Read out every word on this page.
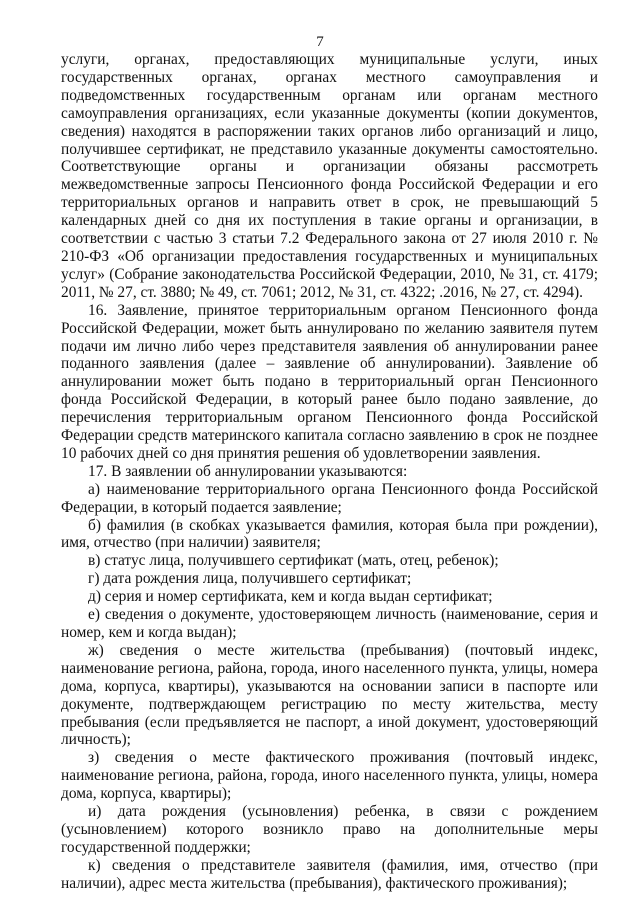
7

услуги, органах, предоставляющих муниципальные услуги, иных государственных органах, органах местного самоуправления и подведомственных государственным органам или органам местного самоуправления организациях, если указанные документы (копии документов, сведения) находятся в распоряжении таких органов либо организаций и лицо, получившее сертификат, не представило указанные документы самостоятельно. Соответствующие органы и организации обязаны рассмотреть межведомственные запросы Пенсионного фонда Российской Федерации и его территориальных органов и направить ответ в срок, не превышающий 5 календарных дней со дня их поступления в такие органы и организации, в соответствии с частью 3 статьи 7.2 Федерального закона от 27 июля 2010 г. № 210-ФЗ «Об организации предоставления государственных и муниципальных услуг» (Собрание законодательства Российской Федерации, 2010, № 31, ст. 4179; 2011, № 27, ст. 3880; № 49, ст. 7061; 2012, № 31, ст. 4322; .2016, № 27, ст. 4294).

16. Заявление, принятое территориальным органом Пенсионного фонда Российской Федерации, может быть аннулировано по желанию заявителя путем подачи им лично либо через представителя заявления об аннулировании ранее поданного заявления (далее – заявление об аннулировании). Заявление об аннулировании может быть подано в территориальный орган Пенсионного фонда Российской Федерации, в который ранее было подано заявление, до перечисления территориальным органом Пенсионного фонда Российской Федерации средств материнского капитала согласно заявлению в срок не позднее 10 рабочих дней со дня принятия решения об удовлетворении заявления.

17. В заявлении об аннулировании указываются:

а) наименование территориального органа Пенсионного фонда Российской Федерации, в который подается заявление;

б) фамилия (в скобках указывается фамилия, которая была при рождении), имя, отчество (при наличии) заявителя;

в) статус лица, получившего сертификат (мать, отец, ребенок);

г) дата рождения лица, получившего сертификат;

д) серия и номер сертификата, кем и когда выдан сертификат;

е) сведения о документе, удостоверяющем личность (наименование, серия и номер, кем и когда выдан);

ж) сведения о месте жительства (пребывания) (почтовый индекс, наименование региона, района, города, иного населенного пункта, улицы, номера дома, корпуса, квартиры), указываются на основании записи в паспорте или документе, подтверждающем регистрацию по месту жительства, месту пребывания (если предъявляется не паспорт, а иной документ, удостоверяющий личность);

з) сведения о месте фактического проживания (почтовый индекс, наименование региона, района, города, иного населенного пункта, улицы, номера дома, корпуса, квартиры);

и) дата рождения (усыновления) ребенка, в связи с рождением (усыновлением) которого возникло право на дополнительные меры государственной поддержки;

к) сведения о представителе заявителя (фамилия, имя, отчество (при наличии), адрес места жительства (пребывания), фактического проживания);
